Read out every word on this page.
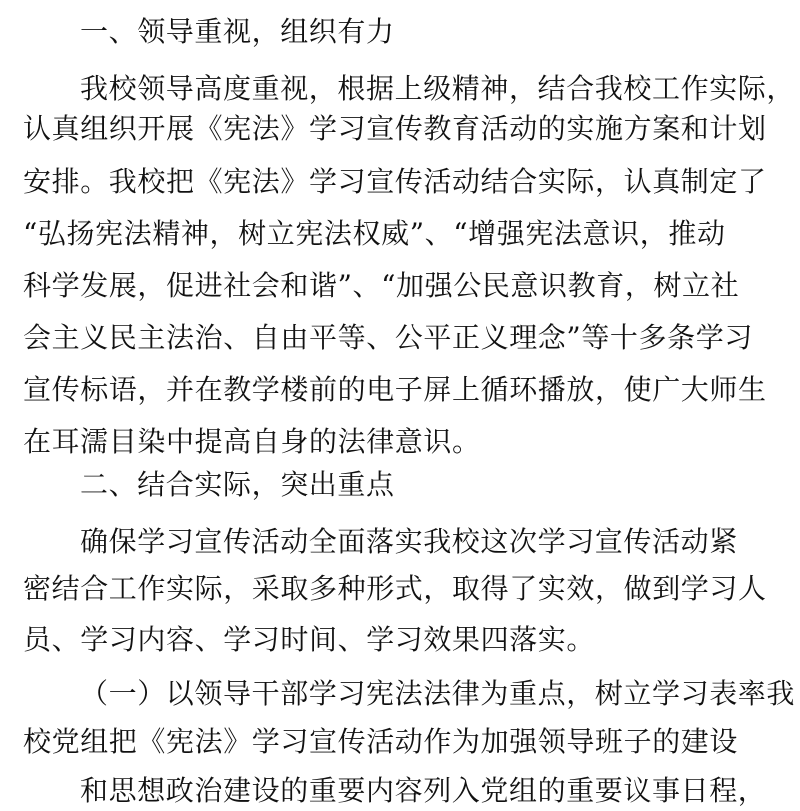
一、领导重视，组织有力
我校领导高度重视，根据上级精神，结合我校工作实际，
认真组织开展《宪法》学习宣传教育活动的实施方案和计划
安排。我校把《宪法》学习宣传活动结合实际，认真制定了
“弘扬宪法精神，树立宪法权威”、“增强宪法意识，推动
科学发展，促进社会和谐”、“加强公民意识教育，树立社
会主义民主法治、自由平等、公平正义理念”等十多条学习
宣传标语，并在教学楼前的电子屏上循环播放，使广大师生
在耳濡目染中提高自身的法律意识。
二、结合实际，突出重点
确保学习宣传活动全面落实我校这次学习宣传活动紧
密结合工作实际，采取多种形式，取得了实效，做到学习人
员、学习内容、学习时间、学习效果四落实。
（一）以领导干部学习宪法法律为重点，树立学习表率我
校党组把《宪法》学习宣传活动作为加强领导班子的建设
和思想政治建设的重要内容列入党组的重要议事日程，
